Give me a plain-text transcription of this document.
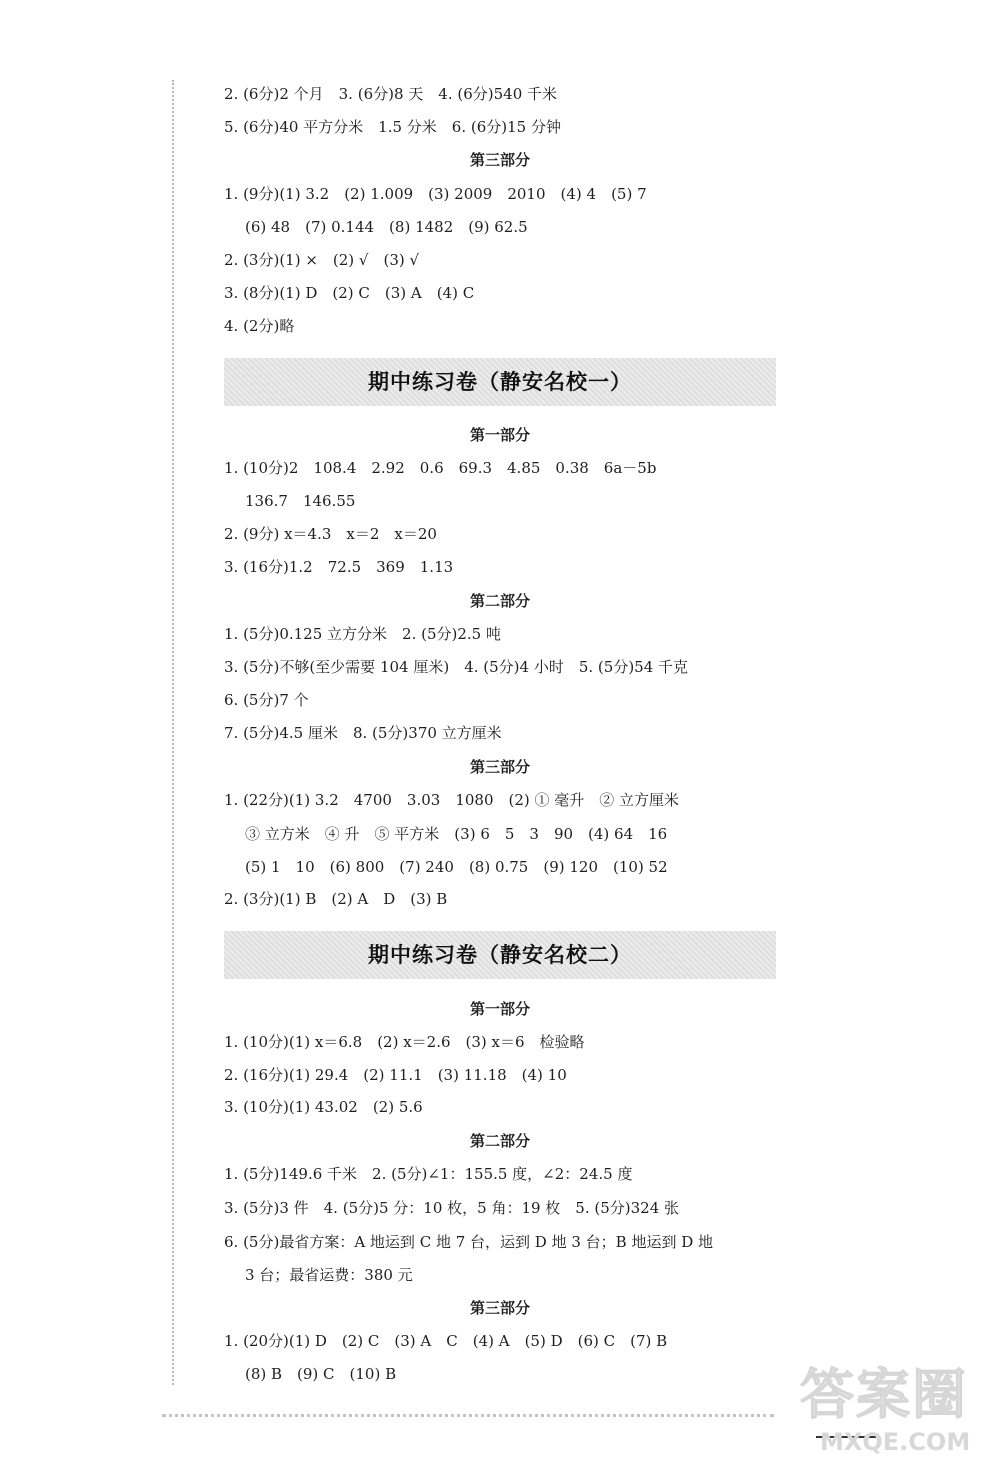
2. (6分)2 个月　3. (6分)8 天　4. (6分)540 千米
5. (6分)40 平方分米　1.5 分米　6. (6分)15 分钟
第三部分
1. (9分)(1) 3.2　(2) 1.009　(3) 2009　2010　(4) 4　(5) 7
(6) 48　(7) 0.144　(8) 1482　(9) 62.5
2. (3分)(1) ×　(2) √　(3) √
3. (8分)(1) D　(2) C　(3) A　(4) C
4. (2分)略
期中练习卷（静安名校一）
第一部分
1. (10分)2　108.4　2.92　0.6　69.3　4.85　0.38　6a－5b
136.7　146.55
2. (9分) x＝4.3　x＝2　x＝20
3. (16分)1.2　72.5　369　1.13
第二部分
1. (5分)0.125 立方分米　2. (5分)2.5 吨
3. (5分)不够(至少需要 104 厘米)　4. (5分)4 小时　5. (5分)54 千克
6. (5分)7 个
7. (5分)4.5 厘米　8. (5分)370 立方厘米
第三部分
1. (22分)(1) 3.2　4700　3.03　1080　(2) ① 毫升　② 立方厘米
③ 立方米　④ 升　⑤ 平方米　(3) 6　5　3　90　(4) 64　16
(5) 1　10　(6) 800　(7) 240　(8) 0.75　(9) 120　(10) 52
2. (3分)(1) B　(2) A　D　(3) B
期中练习卷（静安名校二）
第一部分
1. (10分)(1) x＝6.8　(2) x＝2.6　(3) x＝6　检验略
2. (16分)(1) 29.4　(2) 11.1　(3) 11.18　(4) 10
3. (10分)(1) 43.02　(2) 5.6
第二部分
1. (5分)149.6 千米　2. (5分)∠1：155.5 度，∠2：24.5 度
3. (5分)3 件　4. (5分)5 分：10 枚，5 角：19 枚　5. (5分)324 张
6. (5分)最省方案：A 地运到 C 地 7 台，运到 D 地 3 台；B 地运到 D 地
3 台；最省运费：380 元
第三部分
1. (20分)(1) D　(2) C　(3) A　C　(4) A　(5) D　(6) C　(7) B
(8) B　(9) C　(10) B	答案圈
MXQE.COM
